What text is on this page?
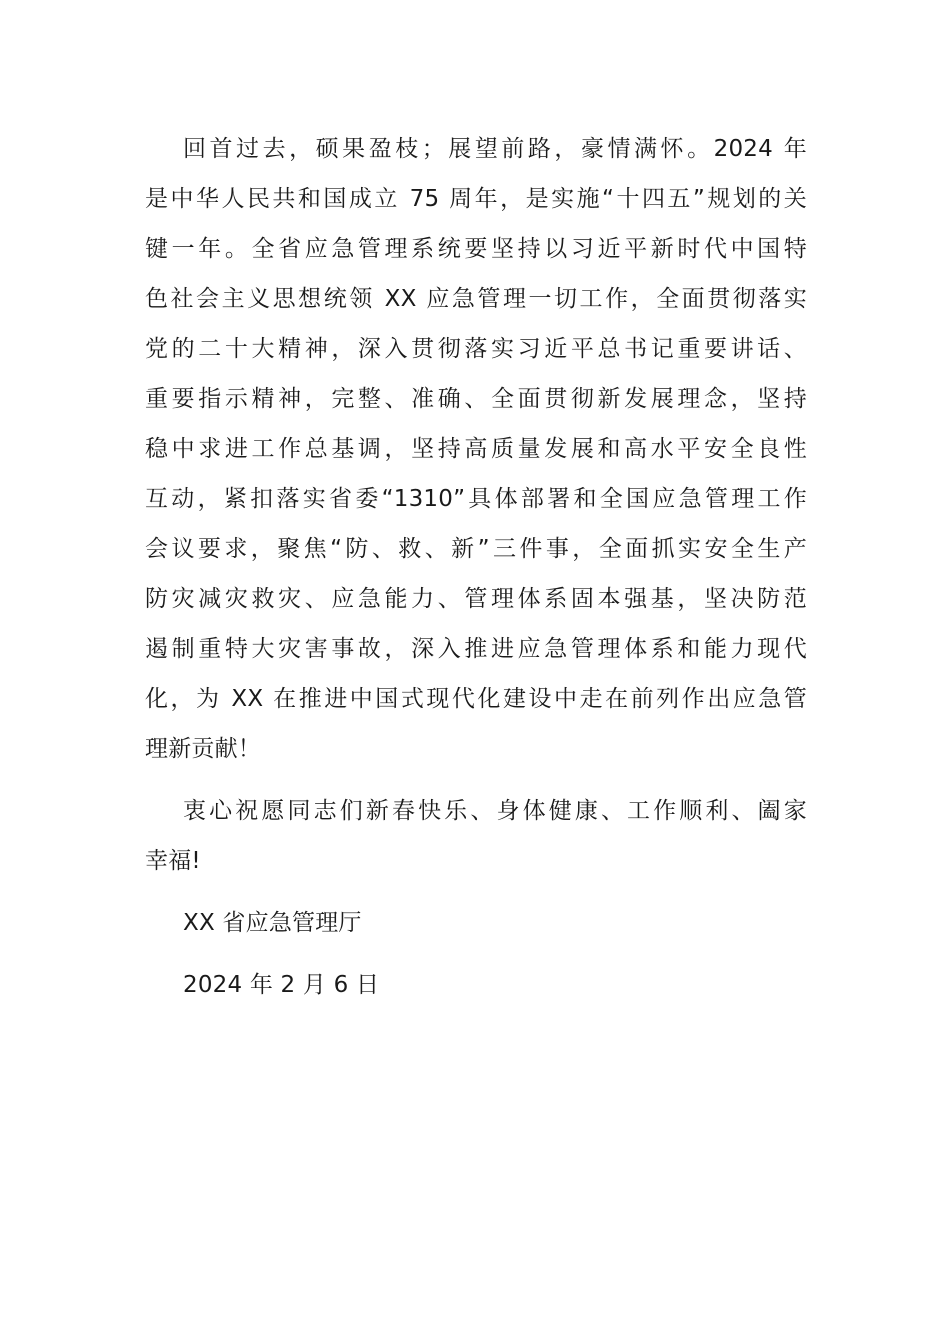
回首过去，硕果盈枝；展望前路，豪情满怀。2024 年
是中华人民共和国成立 75 周年，是实施“十四五”规划的关
键一年。全省应急管理系统要坚持以习近平新时代中国特
色社会主义思想统领 XX 应急管理一切工作，全面贯彻落实
党的二十大精神，深入贯彻落实习近平总书记重要讲话、
重要指示精神，完整、准确、全面贯彻新发展理念，坚持
稳中求进工作总基调，坚持高质量发展和高水平安全良性
互动，紧扣落实省委“1310”具体部署和全国应急管理工作
会议要求，聚焦“防、救、新”三件事，全面抓实安全生产
防灾减灾救灾、应急能力、管理体系固本强基，坚决防范
遏制重特大灾害事故，深入推进应急管理体系和能力现代
化，为 XX 在推进中国式现代化建设中走在前列作出应急管
理新贡献！
衷心祝愿同志们新春快乐、身体健康、工作顺利、阖家
幸福!
XX 省应急管理厅
2024 年 2 月 6 日
